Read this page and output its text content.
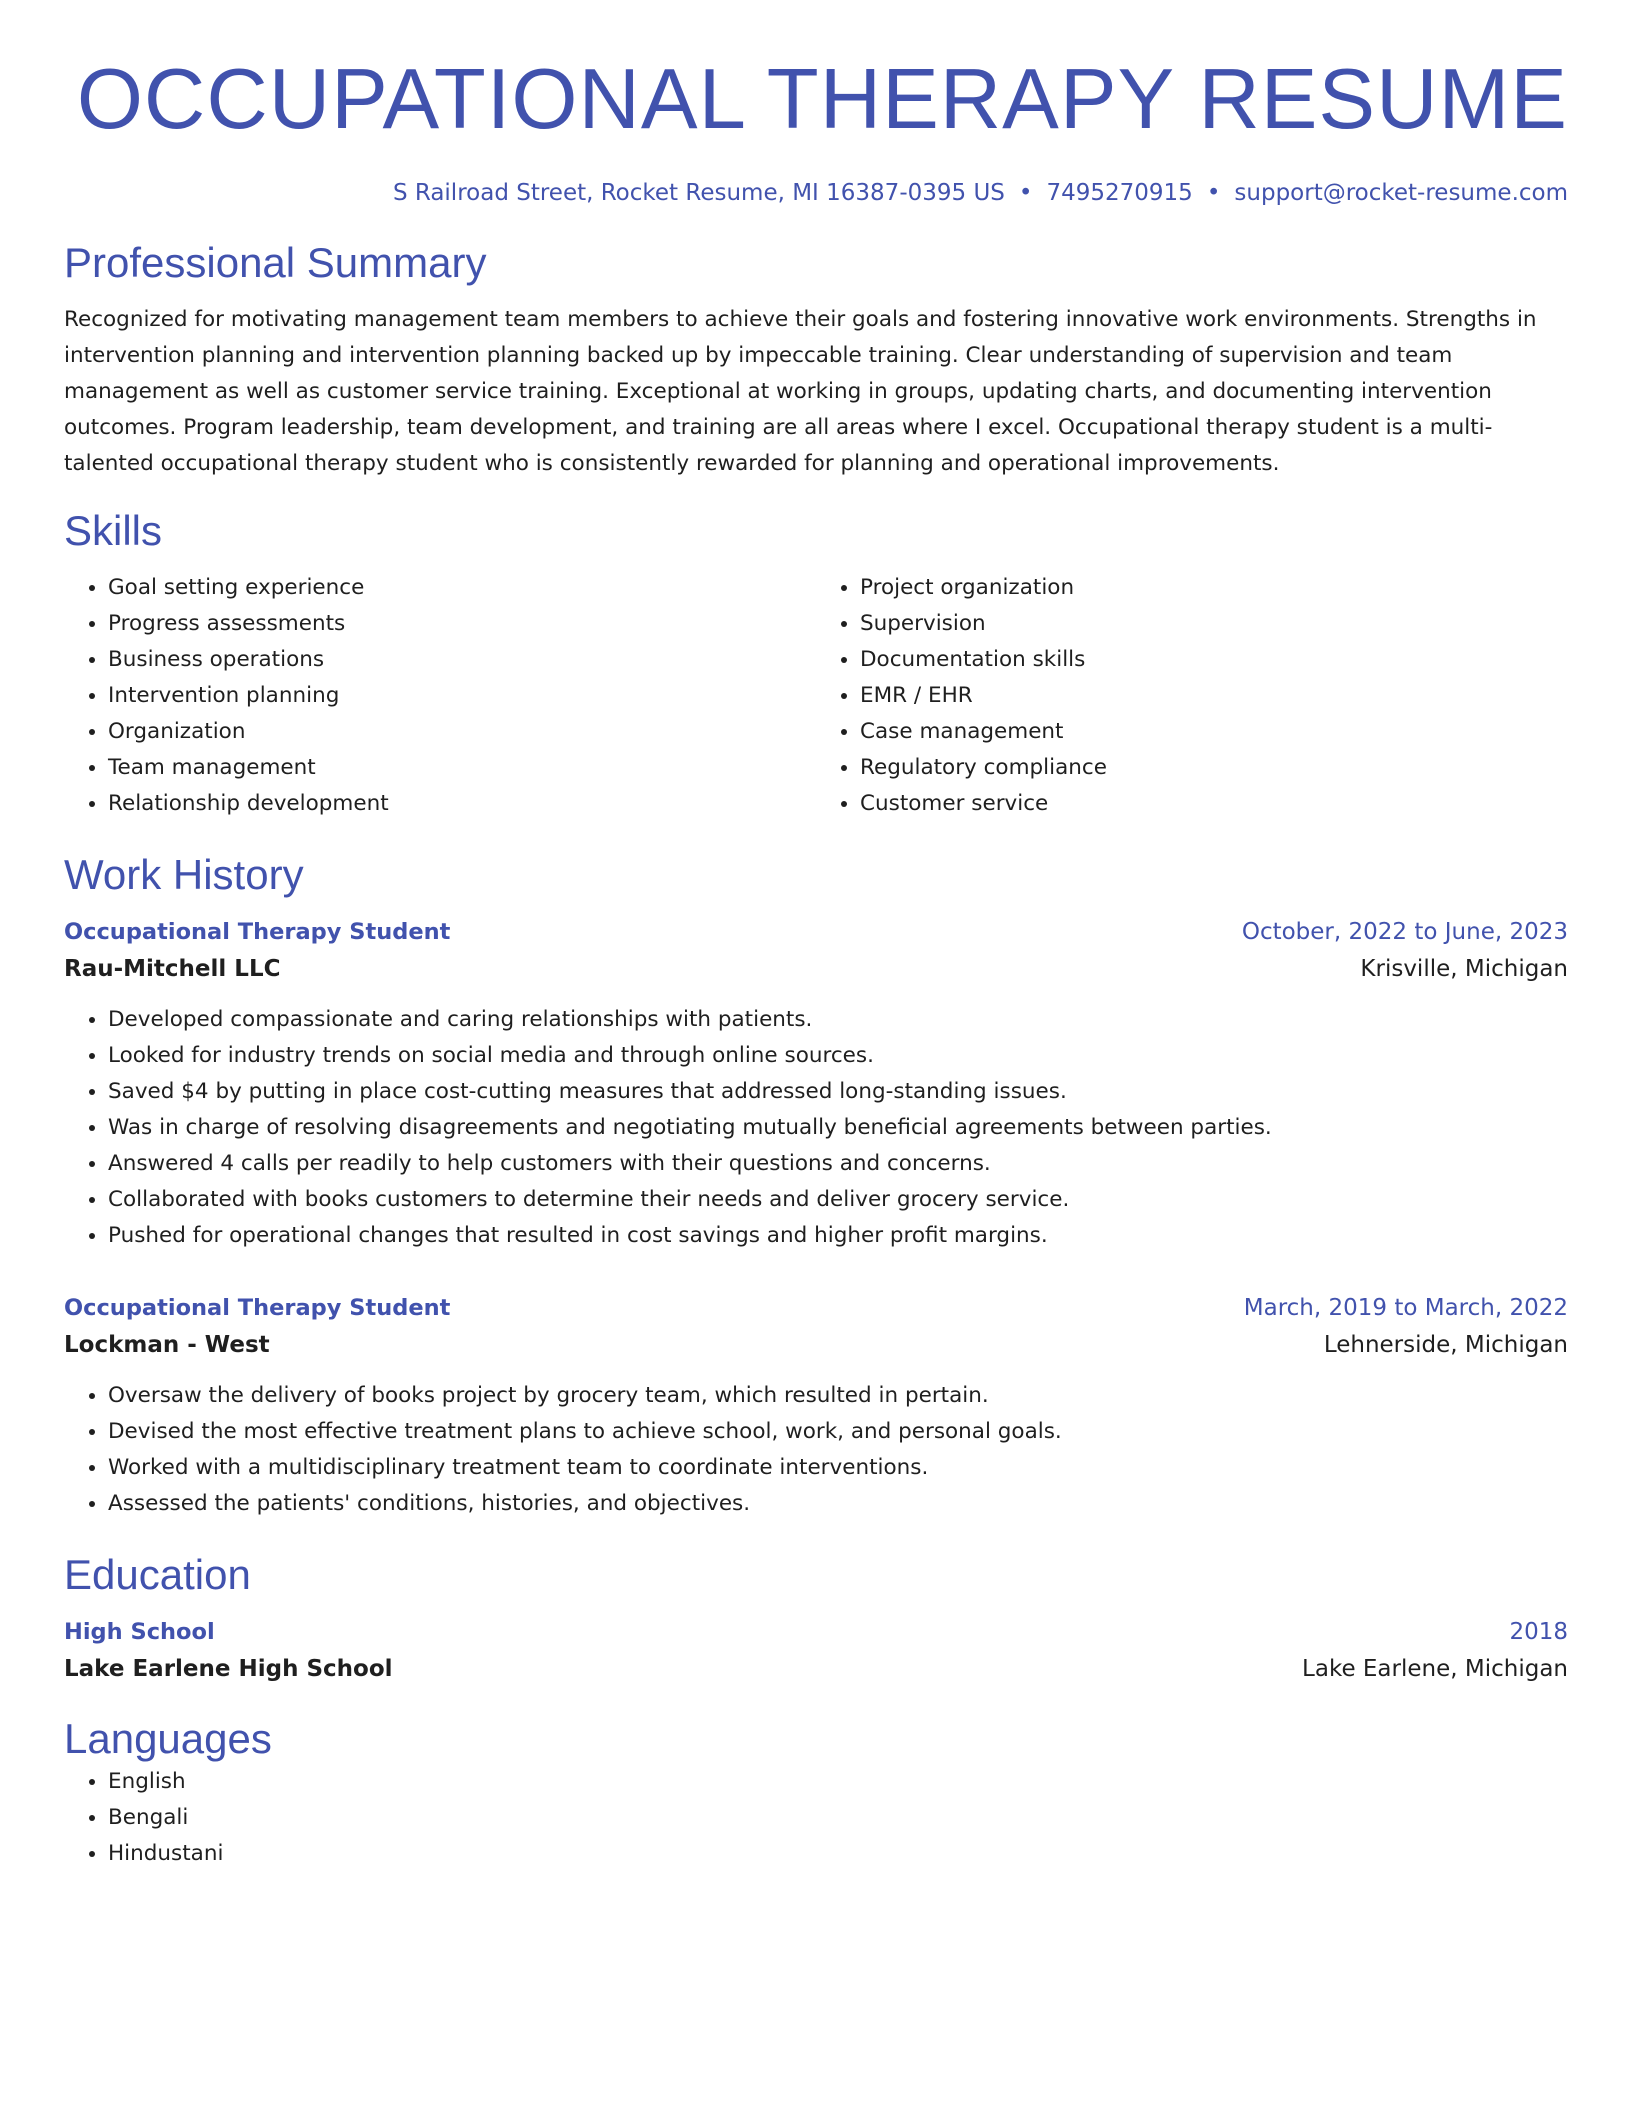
OCCUPATIONAL THERAPY RESUME
S Railroad Street, Rocket Resume, MI 16387-0395 US • 7495270915 • support@rocket-resume.com
Professional Summary

Recognized for motivating management team members to achieve their goals and fostering innovative work environments. Strengths in intervention planning and intervention planning backed up by impeccable training. Clear understanding of supervision and team management as well as customer service training. Exceptional at working in groups, updating charts, and documenting intervention outcomes. Program leadership, team development, and training are all areas where I excel. Occupational therapy student is a multi-talented occupational therapy student who is consistently rewarded for planning and operational improvements.

Skills
• Goal setting experience
• Progress assessments
• Business operations
• Intervention planning
• Organization
• Team management
• Relationship development
• Project organization
• Supervision
• Documentation skills
• EMR / EHR
• Case management
• Regulatory compliance
• Customer service
Work History
Occupational Therapy Student	October, 2022 to June, 2023
Rau-Mitchell LLC	Krisville, Michigan
• Developed compassionate and caring relationships with patients.
• Looked for industry trends on social media and through online sources.
• Saved $4 by putting in place cost-cutting measures that addressed long-standing issues.
• Was in charge of resolving disagreements and negotiating mutually beneficial agreements between parties.
• Answered 4 calls per readily to help customers with their questions and concerns.
• Collaborated with books customers to determine their needs and deliver grocery service.
• Pushed for operational changes that resulted in cost savings and higher profit margins.
Occupational Therapy Student	March, 2019 to March, 2022
Lockman - West	Lehnerside, Michigan
• Oversaw the delivery of books project by grocery team, which resulted in pertain.
• Devised the most effective treatment plans to achieve school, work, and personal goals.
• Worked with a multidisciplinary treatment team to coordinate interventions.
• Assessed the patients' conditions, histories, and objectives.
Education
High School	2018
Lake Earlene High School	Lake Earlene, Michigan
Languages
• English
• Bengali
• Hindustani
